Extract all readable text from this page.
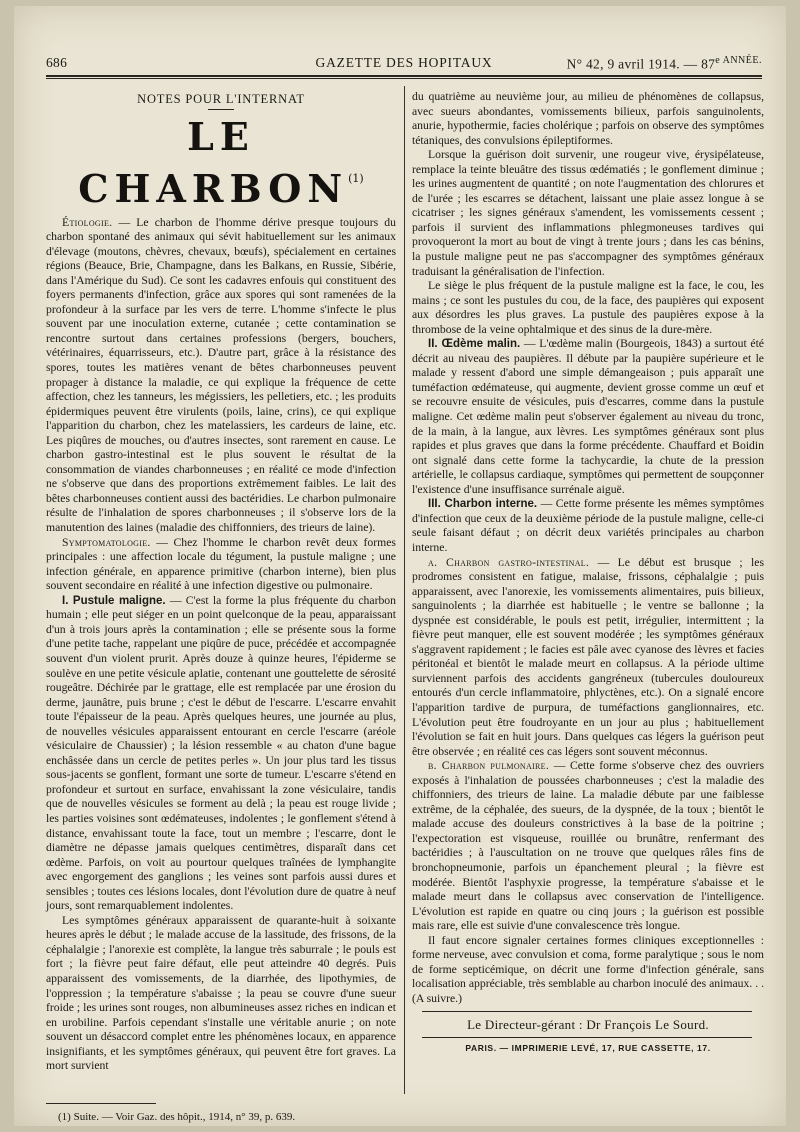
686	GAZETTE DES HOPITAUX	N° 42, 9 avril 1914. — $87^{e ANNÉE.}$
NOTES POUR L'INTERNAT
LE CHARBON$^{(1)}$

Étiologie. — Le charbon de l'homme dérive presque toujours du charbon spontané des animaux qui sévit habituellement sur les animaux d'élevage (moutons, chèvres, chevaux, bœufs), spécialement en certaines régions (Beauce, Brie, Champagne, dans les Balkans, en Russie, Sibérie, dans l'Amérique du Sud). Ce sont les cadavres enfouis qui constituent des foyers permanents d'infection, grâce aux spores qui sont ramenées de la profondeur à la surface par les vers de terre. L'homme s'infecte le plus souvent par une inoculation externe, cutanée ; cette contamination se rencontre surtout dans certaines professions (bergers, bouchers, vétérinaires, équarrisseurs, etc.). D'autre part, grâce à la résistance des spores, toutes les matières venant de bêtes charbonneuses peuvent propager à distance la maladie, ce qui explique la fréquence de cette affection, chez les tanneurs, les mégissiers, les pelletiers, etc. ; les produits épidermiques peuvent être virulents (poils, laine, crins), ce qui explique l'apparition du charbon, chez les matelassiers, les cardeurs de laine, etc. Les piqûres de mouches, ou d'autres insectes, sont rarement en cause. Le charbon gastro-intestinal est le plus souvent le résultat de la consommation de viandes charbonneuses ; en réalité ce mode d'infection ne s'observe que dans des proportions extrêmement faibles. Le lait des bêtes charbonneuses contient aussi des bactéridies. Le charbon pulmonaire résulte de l'inhalation de spores charbonneuses ; il s'observe lors de la manutention des laines (maladie des chiffonniers, des trieurs de laine).

Symptomatologie. — Chez l'homme le charbon revêt deux formes principales : une affection locale du tégument, la pustule maligne ; une infection générale, en apparence primitive (charbon interne), bien plus souvent secondaire en réalité à une infection digestive ou pulmonaire.

I. Pustule maligne. — C'est la forme la plus fréquente du charbon humain ; elle peut siéger en un point quelconque de la peau, apparaissant d'un à trois jours après la contamination ; elle se présente sous la forme d'une petite tache, rappelant une piqûre de puce, précédée et accompagnée souvent d'un violent prurit. Après douze à quinze heures, l'épiderme se soulève en une petite vésicule aplatie, contenant une gouttelette de sérosité rougeâtre. Déchirée par le grattage, elle est remplacée par une érosion du derme, jaunâtre, puis brune ; c'est le début de l'escarre. L'escarre envahit toute l'épaisseur de la peau. Après quelques heures, une journée au plus, de nouvelles vésicules apparaissent entourant en cercle l'escarre (aréole vésiculaire de Chaussier) ; la lésion ressemble « au chaton d'une bague enchâssée dans un cercle de petites perles ». Un jour plus tard les tissus sous-jacents se gonflent, formant une sorte de tumeur. L'escarre s'étend en profondeur et surtout en surface, envahissant la zone vésiculaire, tandis que de nouvelles vésicules se forment au delà ; la peau est rouge livide ; les parties voisines sont œdémateuses, indolentes ; le gonflement s'étend à distance, envahissant toute la face, tout un membre ; l'escarre, dont le diamètre ne dépasse jamais quelques centimètres, disparaît dans cet œdème. Parfois, on voit au pourtour quelques traînées de lymphangite avec engorgement des ganglions ; les veines sont parfois aussi dures et sensibles ; toutes ces lésions locales, dont l'évolution dure de quatre à neuf jours, sont remarquablement indolentes.

Les symptômes généraux apparaissent de quarante-huit à soixante heures après le début ; le malade accuse de la lassitude, des frissons, de la céphalalgie ; l'anorexie est complète, la langue très saburrale ; le pouls est fort ; la fièvre peut faire défaut, elle peut atteindre 40 degrés. Puis apparaissent des vomissements, de la diarrhée, des lipothymies, de l'oppression ; la température s'abaisse ; la peau se couvre d'une sueur froide ; les urines sont rouges, non albumineuses assez riches en indican et en urobiline. Parfois cependant s'installe une véritable anurie ; on note souvent un désaccord complet entre les phénomènes locaux, en apparence insignifiants, et les symptômes généraux, qui peuvent être fort graves. La mort survient

du quatrième au neuvième jour, au milieu de phénomènes de collapsus, avec sueurs abondantes, vomissements bilieux, parfois sanguinolents, anurie, hypothermie, facies cholérique ; parfois on observe des symptômes tétaniques, des convulsions épileptiformes.

Lorsque la guérison doit survenir, une rougeur vive, érysipélateuse, remplace la teinte bleuâtre des tissus œdématiés ; le gonflement diminue ; les urines augmentent de quantité ; on note l'augmentation des chlorures et de l'urée ; les escarres se détachent, laissant une plaie assez longue à se cicatriser ; les signes généraux s'amendent, les vomissements cessent ; parfois il survient des inflammations phlegmoneuses tardives qui provoqueront la mort au bout de vingt à trente jours ; dans les cas bénins, la pustule maligne peut ne pas s'accompagner des symptômes généraux traduisant la généralisation de l'infection.

Le siège le plus fréquent de la pustule maligne est la face, le cou, les mains ; ce sont les pustules du cou, de la face, des paupières qui exposent aux désordres les plus graves. La pustule des paupières expose à la thrombose de la veine ophtalmique et des sinus de la dure-mère.

II. Œdème malin. — L'œdème malin (Bourgeois, 1843) a surtout été décrit au niveau des paupières. Il débute par la paupière supérieure et le malade y ressent d'abord une simple démangeaison ; puis apparaît une tuméfaction œdémateuse, qui augmente, devient grosse comme un œuf et se recouvre ensuite de vésicules, puis d'escarres, comme dans la pustule maligne. Cet œdème malin peut s'observer également au niveau du tronc, de la main, à la langue, aux lèvres. Les symptômes généraux sont plus rapides et plus graves que dans la forme précédente. Chauffard et Boidin ont signalé dans cette forme la tachycardie, la chute de la pression artérielle, le collapsus cardiaque, symptômes qui permettent de soupçonner l'existence d'une insuffisance surrénale aiguë.

III. Charbon interne. — Cette forme présente les mêmes symptômes d'infection que ceux de la deuxième période de la pustule maligne, celle-ci seule faisant défaut ; on décrit deux variétés principales au charbon interne.

a. Charbon gastro-intestinal. — Le début est brusque ; les prodromes consistent en fatigue, malaise, frissons, céphalalgie ; puis apparaissent, avec l'anorexie, les vomissements alimentaires, puis bilieux, sanguinolents ; la diarrhée est habituelle ; le ventre se ballonne ; la dyspnée est considérable, le pouls est petit, irrégulier, intermittent ; la fièvre peut manquer, elle est souvent modérée ; les symptômes généraux s'aggravent rapidement ; le facies est pâle avec cyanose des lèvres et facies péritonéal et bientôt le malade meurt en collapsus. A la période ultime surviennent parfois des accidents gangréneux (tubercules douloureux entourés d'un cercle inflammatoire, phlyctènes, etc.). On a signalé encore l'apparition tardive de purpura, de tuméfactions ganglionnaires, etc. L'évolution peut être foudroyante en un jour au plus ; habituellement l'évolution se fait en huit jours. Dans quelques cas légers la guérison peut être observée ; en réalité ces cas légers sont souvent méconnus.

b. Charbon pulmonaire. — Cette forme s'observe chez des ouvriers exposés à l'inhalation de poussées charbonneuses ; c'est la maladie des chiffonniers, des trieurs de laine. La maladie débute par une faiblesse extrême, de la céphalée, des sueurs, de la dyspnée, de la toux ; bientôt le malade accuse des douleurs constrictives à la base de la poitrine ; l'expectoration est visqueuse, rouillée ou brunâtre, renfermant des bactéridies ; à l'auscultation on ne trouve que quelques râles fins de bronchopneumonie, parfois un épanchement pleural ; la fièvre est modérée. Bientôt l'asphyxie progresse, la température s'abaisse et le malade meurt dans le collapsus avec conservation de l'intelligence. L'évolution est rapide en quatre ou cinq jours ; la guérison est possible mais rare, elle est suivie d'une convalescence très longue.

Il faut encore signaler certaines formes cliniques exceptionnelles : forme nerveuse, avec convulsion et coma, forme paralytique ; sous le nom de forme septicémique, on décrit une forme d'infection générale, sans localisation appréciable, très semblable au charbon inoculé des animaux. . . (A suivre.)

Le Directeur-gérant : Dr François Le Sourd.
PARIS. — IMPRIMERIE LEVÉ, 17, RUE CASSETTE, 17.
(1) Suite. — Voir Gaz. des hôpit., 1914, n° 39, p. 639.
